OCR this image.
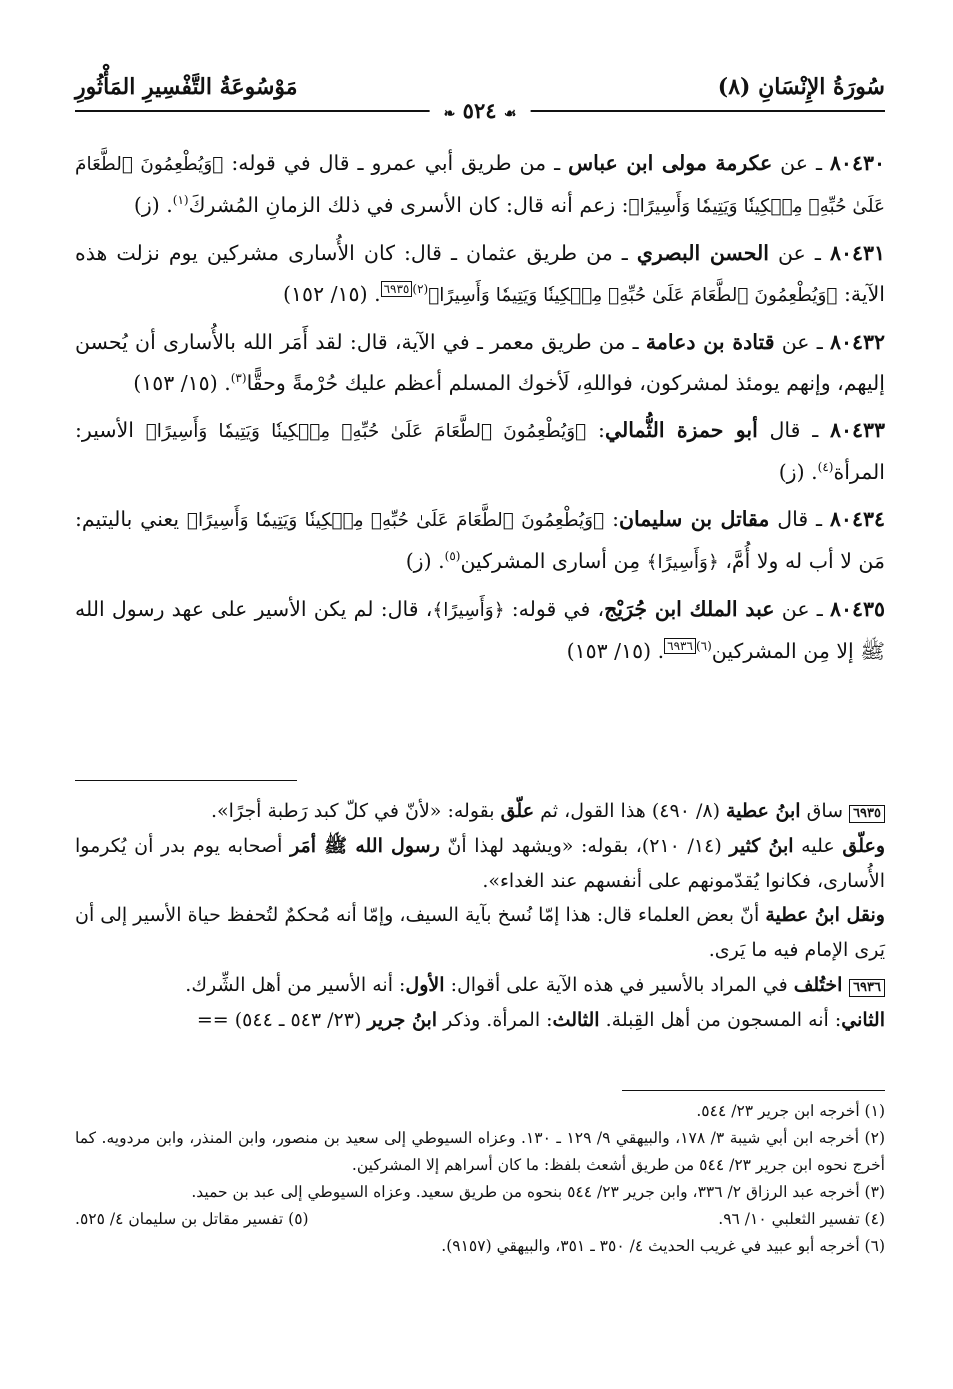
سُورَةُ الإِنْسَانِ (٨)
مَوْسُوعَةُ التَّفْسِيرِ المَأْثُورِ
❧ ٥٢٤ ☙

٨٠٤٣٠ ـ عن عكرمة مولى ابن عباس ـ من طريق أبي عمرو ـ قال في قوله: ﴿وَيُطْعِمُونَ ٱلطَّعَامَ عَلَىٰ حُبِّهِۦ مِسۡكِينٗا وَيَتِيمٗا وَأَسِيرًا﴾: زعم أنه قال: كان الأسرى في ذلك الزمانِ المُشركَ$^{(١)}$. (ز)

٨٠٤٣١ ـ عن الحسن البصري ـ من طريق عثمان ـ قال: كان الأُسارى مشركين يوم نزلت هذه الآية: ﴿وَيُطْعِمُونَ ٱلطَّعَامَ عَلَىٰ حُبِّهِۦ مِسۡكِينٗا وَيَتِيمٗا وَأَسِيرًا﴾$^{(٢)}$٦٩٣٥. (١٥/ ١٥٢)

٨٠٤٣٢ ـ عن قتادة بن دعامة ـ من طريق معمر ـ في الآية، قال: لقد أَمَر الله بالأُسارى أن يُحسن إليهم، وإنهم يومئذ لمشركون، فواللهِ، لَأخوك المسلم أعظم عليك حُرْمةً وحقًّا$^{(٣)}$. (١٥/ ١٥٣)

٨٠٤٣٣ ـ قال أبو حمزة الثُّمالي: ﴿وَيُطْعِمُونَ ٱلطَّعَامَ عَلَىٰ حُبِّهِۦ مِسۡكِينٗا وَيَتِيمٗا وَأَسِيرًا﴾ الأسير: المرأة$^{(٤)}$. (ز)

٨٠٤٣٤ ـ قال مقاتل بن سليمان: ﴿وَيُطْعِمُونَ ٱلطَّعَامَ عَلَىٰ حُبِّهِۦ مِسۡكِينٗا وَيَتِيمٗا وَأَسِيرًا﴾ يعني باليتيم: مَن لا أب له ولا أُمَّ، ﴿وَأَسِيرًا﴾ مِن أسارى المشركين$^{(٥)}$. (ز)

٨٠٤٣٥ ـ عن عبد الملك ابن جُرَيْج، في قوله: ﴿وَأَسِيرًا﴾، قال: لم يكن الأسير على عهد رسول الله ﷺ إلا مِن المشركين$^{(٦)}$٦٩٣٦. (١٥/ ١٥٣)

٦٩٣٥ ساق ابنُ عطية (٨/ ٤٩٠) هذا القول، ثم علّق بقوله: «لأنّ في كلّ كبد رَطبة أجرًا».

وعلّق عليه ابنُ كثير (١٤/ ٢١٠)، بقوله: «ويشهد لهذا أنّ رسول الله ﷺ أمَر أصحابه يوم بدر أن يُكرموا الأُسارى، فكانوا يُقدّمونهم على أنفسهم عند الغداء».

ونقل ابنُ عطية أنّ بعض العلماء قال: هذا إمّا نُسخ بآية السيف، وإمّا أنه مُحكمٌ لتُحفظ حياة الأسير إلى أن يَرى الإمام فيه ما يَرى.

٦٩٣٦ اختُلف في المراد بالأسير في هذه الآية على أقوال: الأول: أنه الأسير من أهل الشِّرك.

الثاني: أنه المسجون من أهل القِبلة. الثالث: المرأة. وذكر ابنُ جرير (٢٣/ ٥٤٣ ـ ٥٤٤) ==

(١) أخرجه ابن جرير ٢٣/ ٥٤٤.

(٢) أخرجه ابن أبي شيبة ٣/ ١٧٨، والبيهقي ٩/ ١٢٩ ـ ١٣٠. وعزاه السيوطي إلى سعيد بن منصور، وابن المنذر، وابن مردويه. كما أخرج نحوه ابن جرير ٢٣/ ٥٤٤ من طريق أشعث بلفظ: ما كان أسراهم إلا المشركين.

(٣) أخرجه عبد الرزاق ٢/ ٣٣٦، وابن جرير ٢٣/ ٥٤٤ بنحوه من طريق سعيد. وعزاه السيوطي إلى عبد بن حميد.

(٤) تفسير الثعلبي ١٠/ ٩٦.
(٥) تفسير مقاتل بن سليمان ٤/ ٥٢٥.

(٦) أخرجه أبو عبيد في غريب الحديث ٤/ ٣٥٠ ـ ٣٥١، والبيهقي (٩١٥٧).
